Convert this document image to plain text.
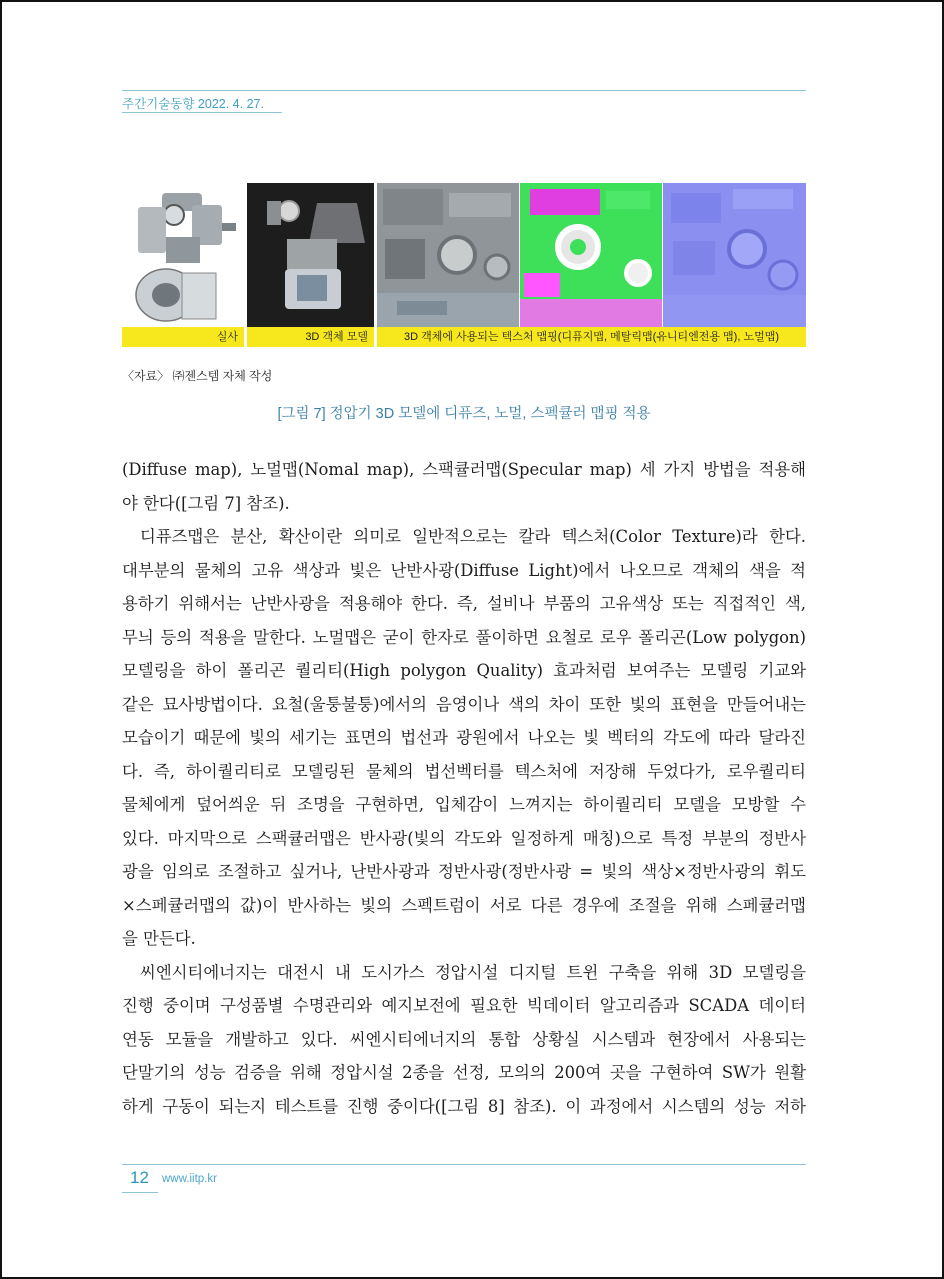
주간기술동향 2022. 4. 27.
실사	3D 객체 모델	3D 객체에 사용되는 텍스처 맵핑(디퓨지맵, 메탈릭맵(유니티엔전용 맵), 노멀맵)
〈자료〉 ㈜젠스템 자체 작성
[그림 7] 정압기 3D 모델에 디퓨즈, 노멀, 스펙큘러 맵핑 적용
(Diffuse map), 노멀맵(Nomal map), 스팩큘러맵(Specular map) 세 가지 방법을 적용해
야 한다([그림 7] 참조).
디퓨즈맵은 분산, 확산이란 의미로 일반적으로는 칼라 텍스처(Color Texture)라 한다.
대부분의 물체의 고유 색상과 빛은 난반사광(Diffuse Light)에서 나오므로 객체의 색을 적
용하기 위해서는 난반사광을 적용해야 한다. 즉, 설비나 부품의 고유색상 또는 직접적인 색,
무늬 등의 적용을 말한다. 노멀맵은 굳이 한자로 풀이하면 요철로 로우 폴리곤(Low polygon)
모델링을 하이 폴리곤 퀄리티(High polygon Quality) 효과처럼 보여주는 모델링 기교와
같은 묘사방법이다. 요철(울퉁불퉁)에서의 음영이나 색의 차이 또한 빛의 표현을 만들어내는
모습이기 때문에 빛의 세기는 표면의 법선과 광원에서 나오는 빛 벡터의 각도에 따라 달라진
다. 즉, 하이퀄리티로 모델링된 물체의 법선벡터를 텍스처에 저장해 두었다가, 로우퀄리티
물체에게 덮어씌운 뒤 조명을 구현하면, 입체감이 느껴지는 하이퀄리티 모델을 모방할 수
있다. 마지막으로 스팩큘러맵은 반사광(빛의 각도와 일정하게 매칭)으로 특정 부분의 정반사
광을 임의로 조절하고 싶거나, 난반사광과 정반사광(정반사광 = 빛의 색상×정반사광의 휘도
×스페큘러맵의 값)이 반사하는 빛의 스펙트럼이 서로 다른 경우에 조절을 위해 스페큘러맵
을 만든다.
씨엔시티에너지는 대전시 내 도시가스 정압시설 디지털 트윈 구축을 위해 3D 모델링을
진행 중이며 구성품별 수명관리와 예지보전에 필요한 빅데이터 알고리즘과 SCADA 데이터
연동 모듈을 개발하고 있다. 씨엔시티에너지의 통합 상황실 시스템과 현장에서 사용되는
단말기의 성능 검증을 위해 정압시설 2종을 선정, 모의의 200여 곳을 구현하여 SW가 원활
하게 구동이 되는지 테스트를 진행 중이다([그림 8] 참조). 이 과정에서 시스템의 성능 저하
12 www.iitp.kr
